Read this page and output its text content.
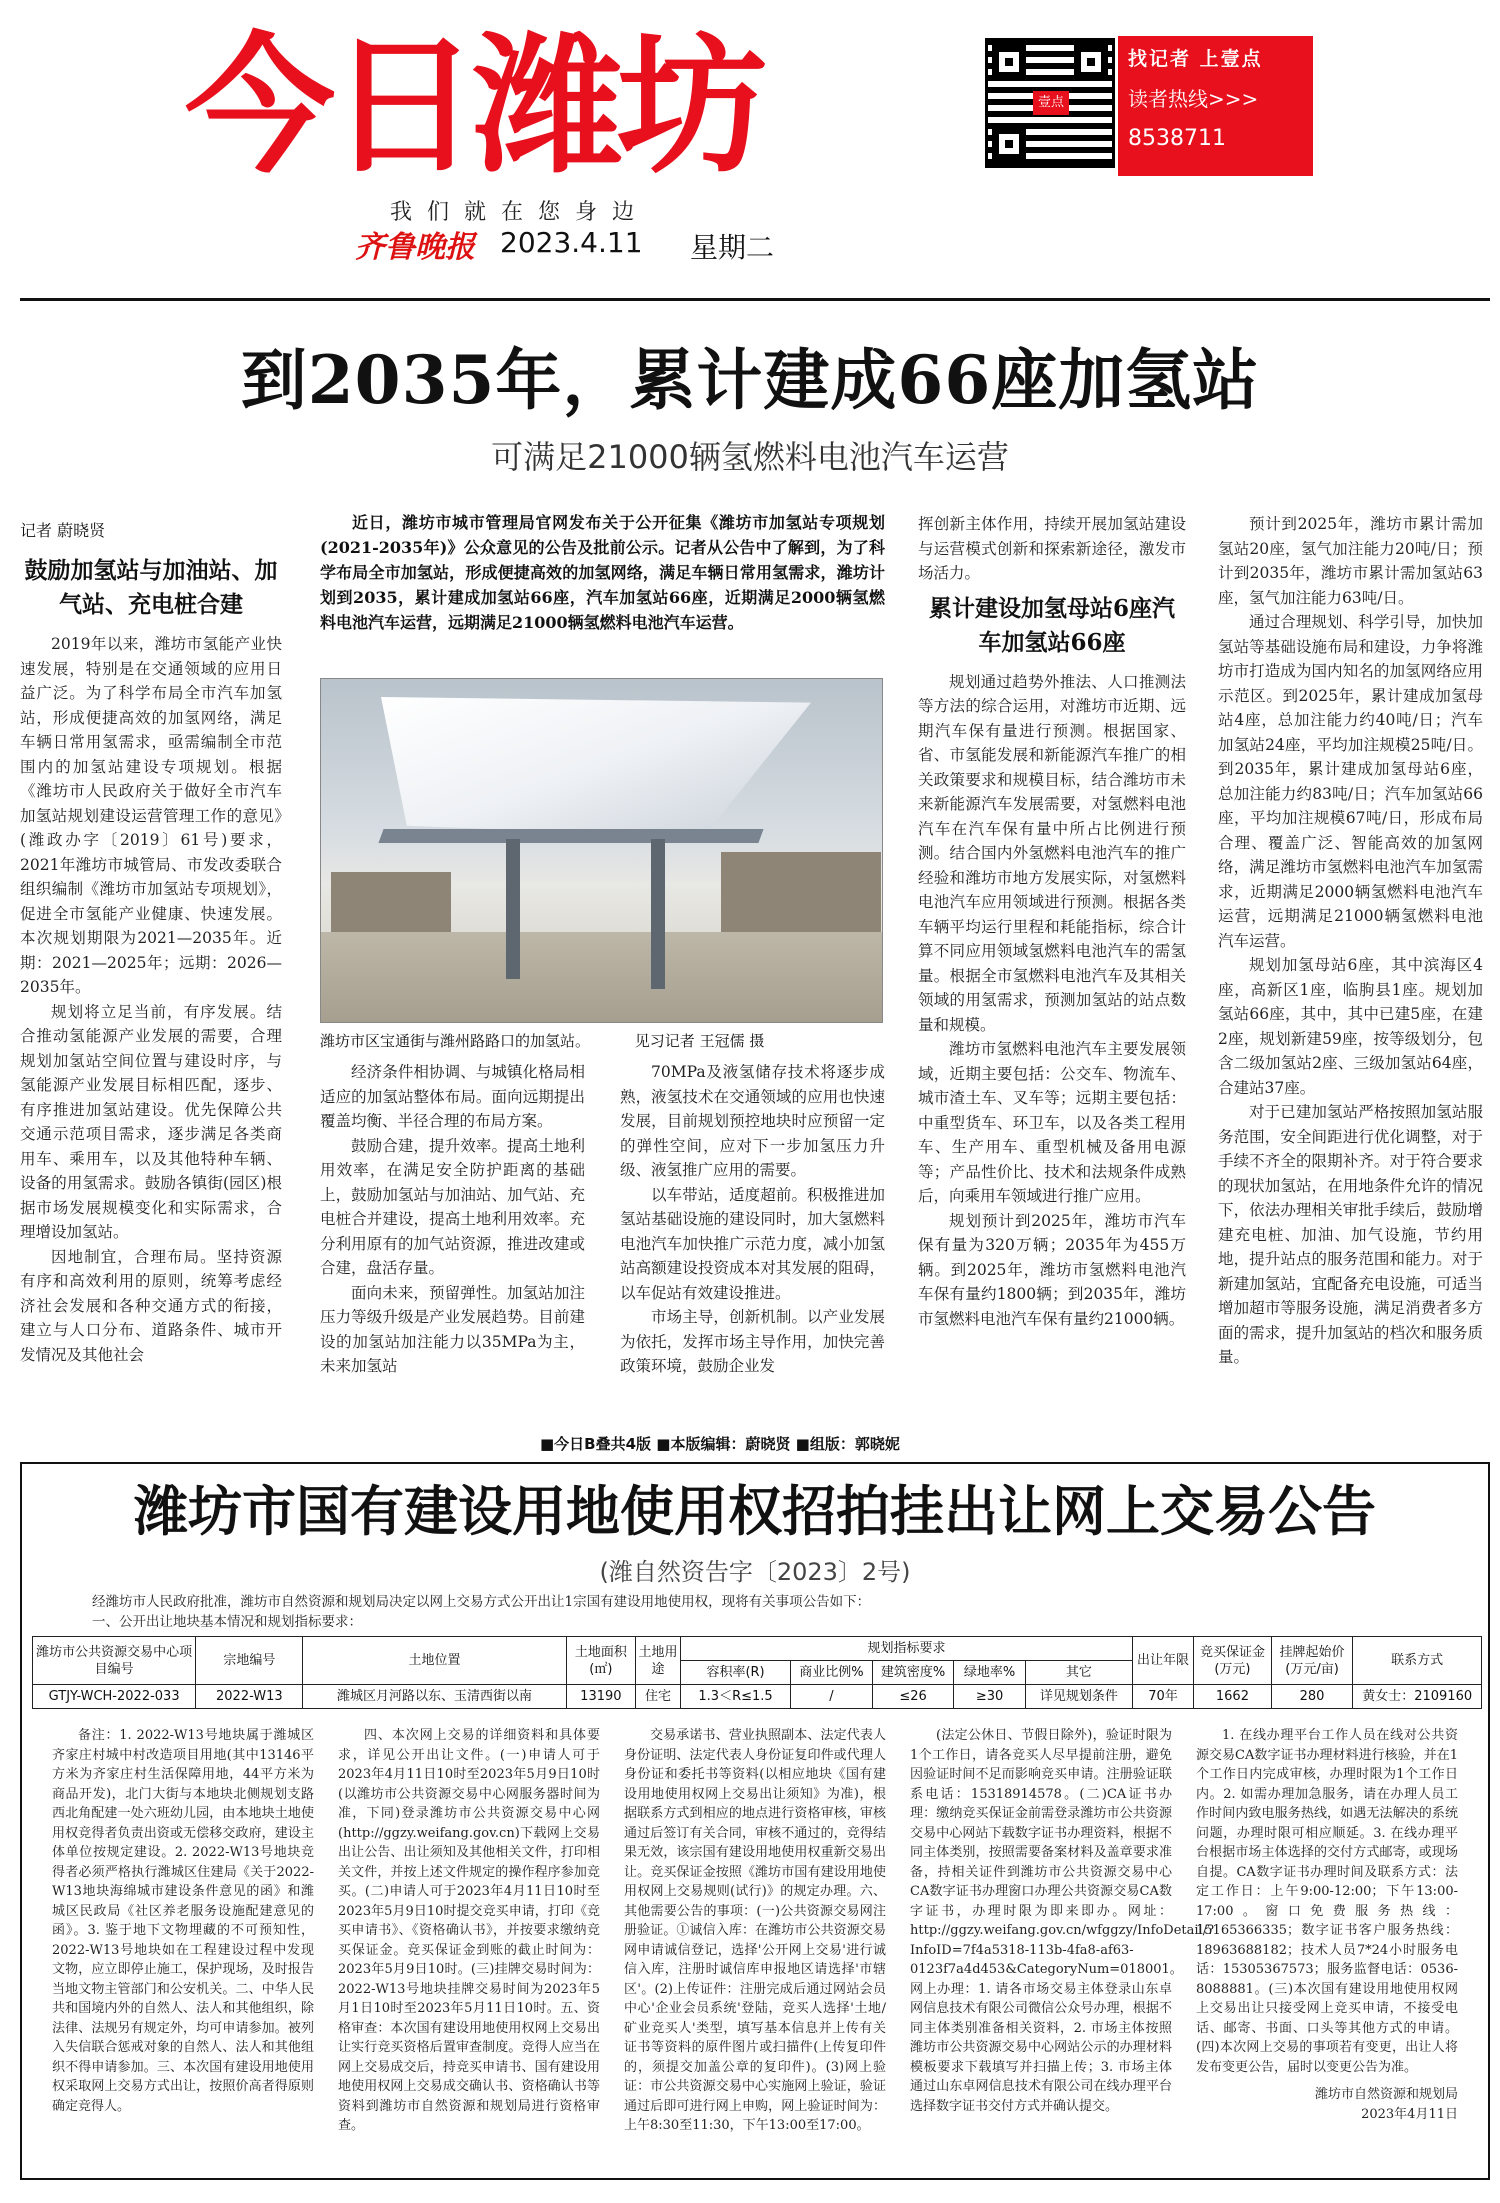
今日潍坊
我们就在您身边
齐鲁晚报 2023.4.11 星期二
壹点
找记者 上壹点
读者热线>>>
8538711
到2035年，累计建成66座加氢站
可满足21000辆氢燃料电池汽车运营
记者 蔚晓贤
鼓励加氢站与加油站、加气站、充电桩合建

2019年以来，潍坊市氢能产业快速发展，特别是在交通领域的应用日益广泛。为了科学布局全市汽车加氢站，形成便捷高效的加氢网络，满足车辆日常用氢需求，亟需编制全市范围内的加氢站建设专项规划。根据《潍坊市人民政府关于做好全市汽车加氢站规划建设运营管理工作的意见》(潍政办字〔2019〕61号)要求，2021年潍坊市城管局、市发改委联合组织编制《潍坊市加氢站专项规划》，促进全市氢能产业健康、快速发展。本次规划期限为2021—2035年。近期：2021—2025年；远期：2026—2035年。

规划将立足当前，有序发展。结合推动氢能源产业发展的需要，合理规划加氢站空间位置与建设时序，与氢能源产业发展目标相匹配，逐步、有序推进加氢站建设。优先保障公共交通示范项目需求，逐步满足各类商用车、乘用车，以及其他特种车辆、设备的用氢需求。鼓励各镇街(园区)根据市场发展规模变化和实际需求，合理增设加氢站。

因地制宜，合理布局。坚持资源有序和高效利用的原则，统筹考虑经济社会发展和各种交通方式的衔接，建立与人口分布、道路条件、城市开发情况及其他社会

近日，潍坊市城市管理局官网发布关于公开征集《潍坊市加氢站专项规划(2021-2035年)》公众意见的公告及批前公示。记者从公告中了解到，为了科学布局全市加氢站，形成便捷高效的加氢网络，满足车辆日常用氢需求，潍坊计划到2035，累计建成加氢站66座，汽车加氢站66座，近期满足2000辆氢燃料电池汽车运营，远期满足21000辆氢燃料电池汽车运营。
潍坊市区宝通街与潍州路路口的加氢站。	见习记者 王冠儒 摄

经济条件相协调、与城镇化格局相适应的加氢站整体布局。面向远期提出覆盖均衡、半径合理的布局方案。

鼓励合建，提升效率。提高土地利用效率，在满足安全防护距离的基础上，鼓励加氢站与加油站、加气站、充电桩合并建设，提高土地利用效率。充分利用原有的加气站资源，推进改建或合建，盘活存量。

面向未来，预留弹性。加氢站加注压力等级升级是产业发展趋势。目前建设的加氢站加注能力以35MPa为主，未来加氢站

70MPa及液氢储存技术将逐步成熟，液氢技术在交通领域的应用也快速发展，目前规划预控地块时应预留一定的弹性空间，应对下一步加氢压力升级、液氢推广应用的需要。

以车带站，适度超前。积极推进加氢站基础设施的建设同时，加大氢燃料电池汽车加快推广示范力度，减小加氢站高额建设投资成本对其发展的阻碍，以车促站有效建设推进。

市场主导，创新机制。以产业发展为依托，发挥市场主导作用，加快完善政策环境，鼓励企业发

挥创新主体作用，持续开展加氢站建设与运营模式创新和探索新途径，激发市场活力。
累计建设加氢母站6座汽车加氢站66座

规划通过趋势外推法、人口推测法等方法的综合运用，对潍坊市近期、远期汽车保有量进行预测。根据国家、省、市氢能发展和新能源汽车推广的相关政策要求和规模目标，结合潍坊市未来新能源汽车发展需要，对氢燃料电池汽车在汽车保有量中所占比例进行预测。结合国内外氢燃料电池汽车的推广经验和潍坊市地方发展实际，对氢燃料电池汽车应用领域进行预测。根据各类车辆平均运行里程和耗能指标，综合计算不同应用领域氢燃料电池汽车的需氢量。根据全市氢燃料电池汽车及其相关领域的用氢需求，预测加氢站的站点数量和规模。

潍坊市氢燃料电池汽车主要发展领域，近期主要包括：公交车、物流车、城市渣土车、叉车等；远期主要包括：中重型货车、环卫车，以及各类工程用车、生产用车、重型机械及备用电源等；产品性价比、技术和法规条件成熟后，向乘用车领域进行推广应用。

规划预计到2025年，潍坊市汽车保有量为320万辆；2035年为455万辆。到2025年，潍坊市氢燃料电池汽车保有量约1800辆；到2035年，潍坊市氢燃料电池汽车保有量约21000辆。

预计到2025年，潍坊市累计需加氢站20座，氢气加注能力20吨/日；预计到2035年，潍坊市累计需加氢站63座，氢气加注能力63吨/日。

通过合理规划、科学引导，加快加氢站等基础设施布局和建设，力争将潍坊市打造成为国内知名的加氢网络应用示范区。到2025年，累计建成加氢母站4座，总加注能力约40吨/日；汽车加氢站24座，平均加注规模25吨/日。到2035年，累计建成加氢母站6座，总加注能力约83吨/日；汽车加氢站66座，平均加注规模67吨/日，形成布局合理、覆盖广泛、智能高效的加氢网络，满足潍坊市氢燃料电池汽车加氢需求，近期满足2000辆氢燃料电池汽车运营，远期满足21000辆氢燃料电池汽车运营。

规划加氢母站6座，其中滨海区4座，高新区1座，临朐县1座。规划加氢站66座，其中，其中已建5座，在建2座，规划新建59座，按等级划分，包含二级加氢站2座、三级加氢站64座，合建站37座。

对于已建加氢站严格按照加氢站服务范围，安全间距进行优化调整，对于手续不齐全的限期补齐。对于符合要求的现状加氢站，在用地条件允许的情况下，依法办理相关审批手续后，鼓励增建充电桩、加油、加气设施，节约用地，提升站点的服务范围和能力。对于新建加氢站，宜配备充电设施，可适当增加超市等服务设施，满足消费者多方面的需求，提升加氢站的档次和服务质量。

■今日B叠共4版 ■本版编辑：蔚晓贤 ■组版：郭晓妮
潍坊市国有建设用地使用权招拍挂出让网上交易公告
(潍自然资告字〔2023〕2号)
经潍坊市人民政府批准，潍坊市自然资源和规划局决定以网上交易方式公开出让1宗国有建设用地使用权，现将有关事项公告如下：
一、公开出让地块基本情况和规划指标要求：
潍坊市公共资源交易中心项目编号	宗地编号	土地位置	土地面积(㎡)	土地用途	规划指标要求					出让年限	竞买保证金(万元)	挂牌起始价(万元/亩)	联系方式
					容积率(R)	商业比例%	建筑密度%	绿地率%	其它				
GTJY-WCH-2022-033	2022-W13	潍城区月河路以东、玉清西街以南	13190	住宅	1.3＜R≤1.5	/	≤26	≥30	详见规划条件	70年	1662	280	黄女士：2109160

备注：1. 2022-W13号地块属于潍城区齐家庄村城中村改造项目用地(其中13146平方米为齐家庄村生活保障用地，44平方米为商品开发)，北门大街与本地块北侧规划支路西北角配建一处六班幼儿园，由本地块土地使用权竞得者负责出资或无偿移交政府，建设主体单位按规定建设。2. 2022-W13号地块竞得者必须严格执行潍城区住建局《关于2022-W13地块海绵城市建设条件意见的函》和潍城区民政局《社区养老服务设施配建意见的函》。3. 鉴于地下文物埋藏的不可预知性，2022-W13号地块如在工程建设过程中发现文物，应立即停止施工，保护现场，及时报告当地文物主管部门和公安机关。二、中华人民共和国境内外的自然人、法人和其他组织，除法律、法规另有规定外，均可申请参加。被列入失信联合惩戒对象的自然人、法人和其他组织不得申请参加。三、本次国有建设用地使用权采取网上交易方式出让，按照价高者得原则确定竞得人。

四、本次网上交易的详细资料和具体要求，详见公开出让文件。(一)申请人可于2023年4月11日10时至2023年5月9日10时(以潍坊市公共资源交易中心网服务器时间为准，下同)登录潍坊市公共资源交易中心网(http://ggzy.weifang.gov.cn)下载网上交易出让公告、出让须知及其他相关文件，打印相关文件，并按上述文件规定的操作程序参加竞买。(二)申请人可于2023年4月11日10时至2023年5月9日10时提交竞买申请，打印《竞买申请书》、《资格确认书》，并按要求缴纳竞买保证金。竞买保证金到账的截止时间为：2023年5月9日10时。(三)挂牌交易时间为：2022-W13号地块挂牌交易时间为2023年5月1日10时至2023年5月11日10时。五、资格审查：本次国有建设用地使用权网上交易出让实行竞买资格后置审查制度。竞得人应当在网上交易成交后，持竞买申请书、国有建设用地使用权网上交易成交确认书、资格确认书等资料到潍坊市自然资源和规划局进行资格审查。

交易承诺书、营业执照副本、法定代表人身份证明、法定代表人身份证复印件或代理人身份证和委托书等资料(以相应地块《国有建设用地使用权网上交易出让须知》为准)，根据联系方式到相应的地点进行资格审核，审核通过后签订有关合同，审核不通过的，竞得结果无效，该宗国有建设用地使用权重新交易出让。竞买保证金按照《潍坊市国有建设用地使用权网上交易规则(试行)》的规定办理。六、其他需要公告的事项：(一)公共资源交易网注册验证。①诚信入库：在潍坊市公共资源交易网申请诚信登记，选择'公开网上交易'进行诚信入库，注册时诚信库申报地区请选择'市辖区'。(2)上传证件：注册完成后通过网站会员中心'企业会员系统'登陆，竞买人选择'土地/矿业竞买人'类型，填写基本信息并上传有关证书等资料的原件图片或扫描件(上传复印件的，须提交加盖公章的复印件)。(3)网上验证：市公共资源交易中心实施网上验证，验证通过后即可进行网上申购，网上验证时间为：上午8:30至11:30，下午13:00至17:00。

(法定公休日、节假日除外)，验证时限为1个工作日，请各竞买人尽早提前注册，避免因验证时间不足而影响竞买申请。注册验证联系电话：15318914578。(二)CA证书办理：缴纳竞买保证金前需登录潍坊市公共资源交易中心网站下载数字证书办理资料，根据不同主体类别，按照需要备案材料及盖章要求准备，持相关证件到潍坊市公共资源交易中心CA数字证书办理窗口办理公共资源交易CA数字证书，办理时限为即来即办。网址：http://ggzy.weifang.gov.cn/wfggzy/InfoDetail/?InfoID=7f4a5318-113b-4fa8-af63-0123f7a4d453&CategoryNum=018001。网上办理：1. 请各市场交易主体登录山东卓网信息技术有限公司微信公众号办理，根据不同主体类别准备相关资料，2. 市场主体按照潍坊市公共资源交易中心网站公示的办理材料模板要求下载填写并扫描上传；3. 市场主体通过山东卓网信息技术有限公司在线办理平台选择数字证书交付方式并确认提交。

1. 在线办理平台工作人员在线对公共资源交易CA数字证书办理材料进行核验，并在1个工作日内完成审核，办理时限为1个工作日内。2. 如需办理加急服务，请在办理人员工作时间内致电服务热线，如遇无法解决的系统问题，办理时限可相应顺延。3. 在线办理平台根据市场主体选择的交付方式邮寄，或现场自提。CA数字证书办理时间及联系方式：法定工作日：上午9:00-12:00；下午13:00-17:00。窗口免费服务热线：15165366335；数字证书客户服务热线：18963688182；技术人员7*24小时服务电话：15305367573；服务监督电话：0536-8088881。(三)本次国有建设用地使用权网上交易出让只接受网上竞买申请，不接受电话、邮寄、书面、口头等其他方式的申请。(四)本次网上交易的事项若有变更，出让人将发布变更公告，届时以变更公告为准。

潍坊市自然资源和规划局
2023年4月11日
